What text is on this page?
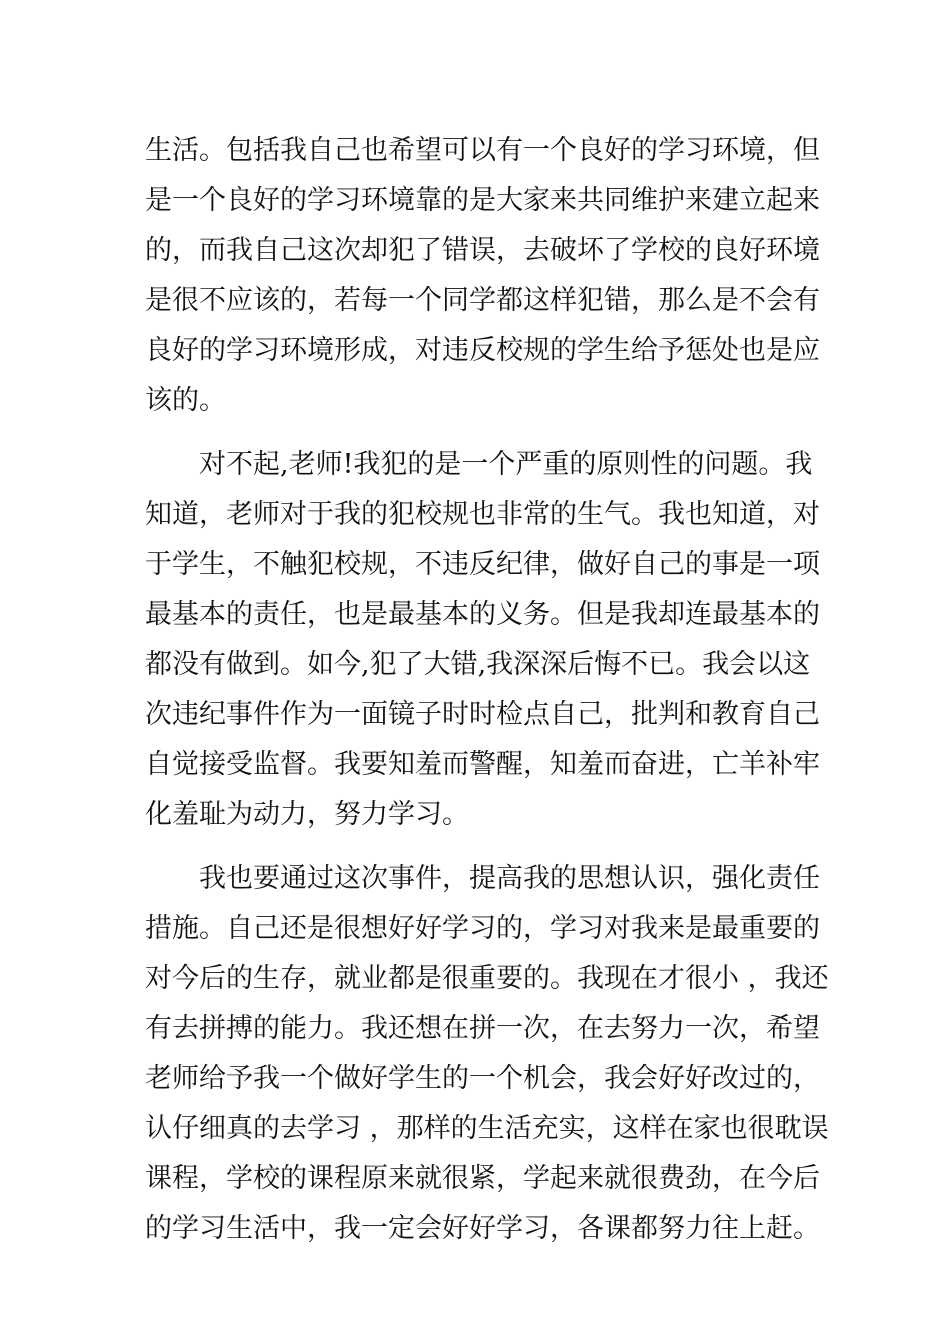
生活。包括我自己也希望可以有一个良好的学习环境，但
是一个良好的学习环境靠的是大家来共同维护来建立起来
的，而我自己这次却犯了错误，去破坏了学校的良好环境
是很不应该的，若每一个同学都这样犯错，那么是不会有
良好的学习环境形成，对违反校规的学生给予惩处也是应
该的。
　　对不起,老师!我犯的是一个严重的原则性的问题。我
知道，老师对于我的犯校规也非常的生气。我也知道，对
于学生，不触犯校规，不违反纪律，做好自己的事是一项
最基本的责任，也是最基本的义务。但是我却连最基本的
都没有做到。如今,犯了大错,我深深后悔不已。我会以这
次违纪事件作为一面镜子时时检点自己，批判和教育自己
自觉接受监督。我要知羞而警醒，知羞而奋进，亡羊补牢
化羞耻为动力，努力学习。
　　我也要通过这次事件，提高我的思想认识，强化责任
措施。自己还是很想好好学习的，学习对我来是最重要的
对今后的生存，就业都是很重要的。我现在才很小 ，我还
有去拼搏的能力。我还想在拼一次，在去努力一次，希望
老师给予我一个做好学生的一个机会，我会好好改过的，
认仔细真的去学习 ，那样的生活充实，这样在家也很耽误
课程，学校的课程原来就很紧，学起来就很费劲，在今后
的学习生活中，我一定会好好学习，各课都努力往上赶。
